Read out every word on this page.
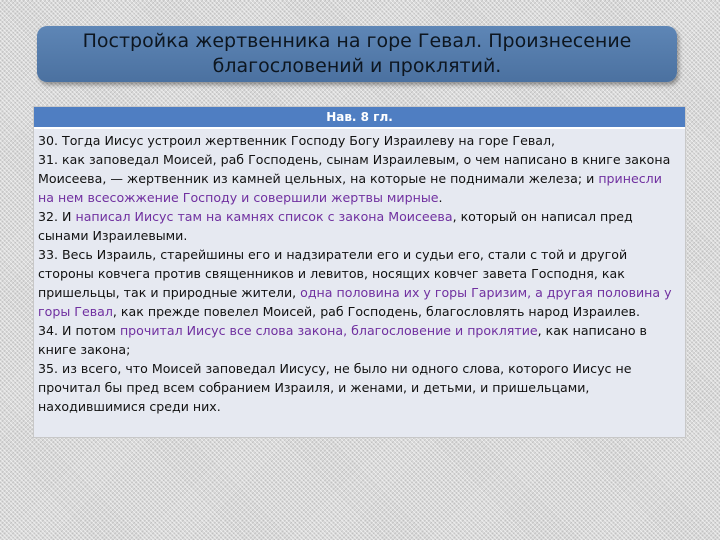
Постройка жертвенника на горе Гевал. Произнесение благословений и проклятий.
Нав. 8 гл.

30. Тогда Иисус устроил жертвенник Господу Богу Израилеву на горе Гевал,

31. как заповедал Моисей, раб Господень, сынам Израилевым, о чем написано в книге закона Моисеева, — жертвенник из камней цельных, на которые не поднимали железа; и принесли на нем всесожжение Господу и совершили жертвы мирные.

32. И написал Иисус там на камнях список с закона Моисеева, который он написал пред сынами Израилевыми.

33. Весь Израиль, старейшины его и надзиратели его и судьи его, стали с той и другой стороны ковчега против священников и левитов, носящих ковчег завета Господня, как пришельцы, так и природные жители, одна половина их у горы Гаризим, а другая половина у горы Гевал, как прежде повелел Моисей, раб Господень, благословлять народ Израилев.

34. И потом прочитал Иисус все слова закона, благословение и проклятие, как написано в книге закона;

35. из всего, что Моисей заповедал Иисусу, не было ни одного слова, которого Иисус не прочитал бы пред всем собранием Израиля, и женами, и детьми, и пришельцами, находившимися среди них.
